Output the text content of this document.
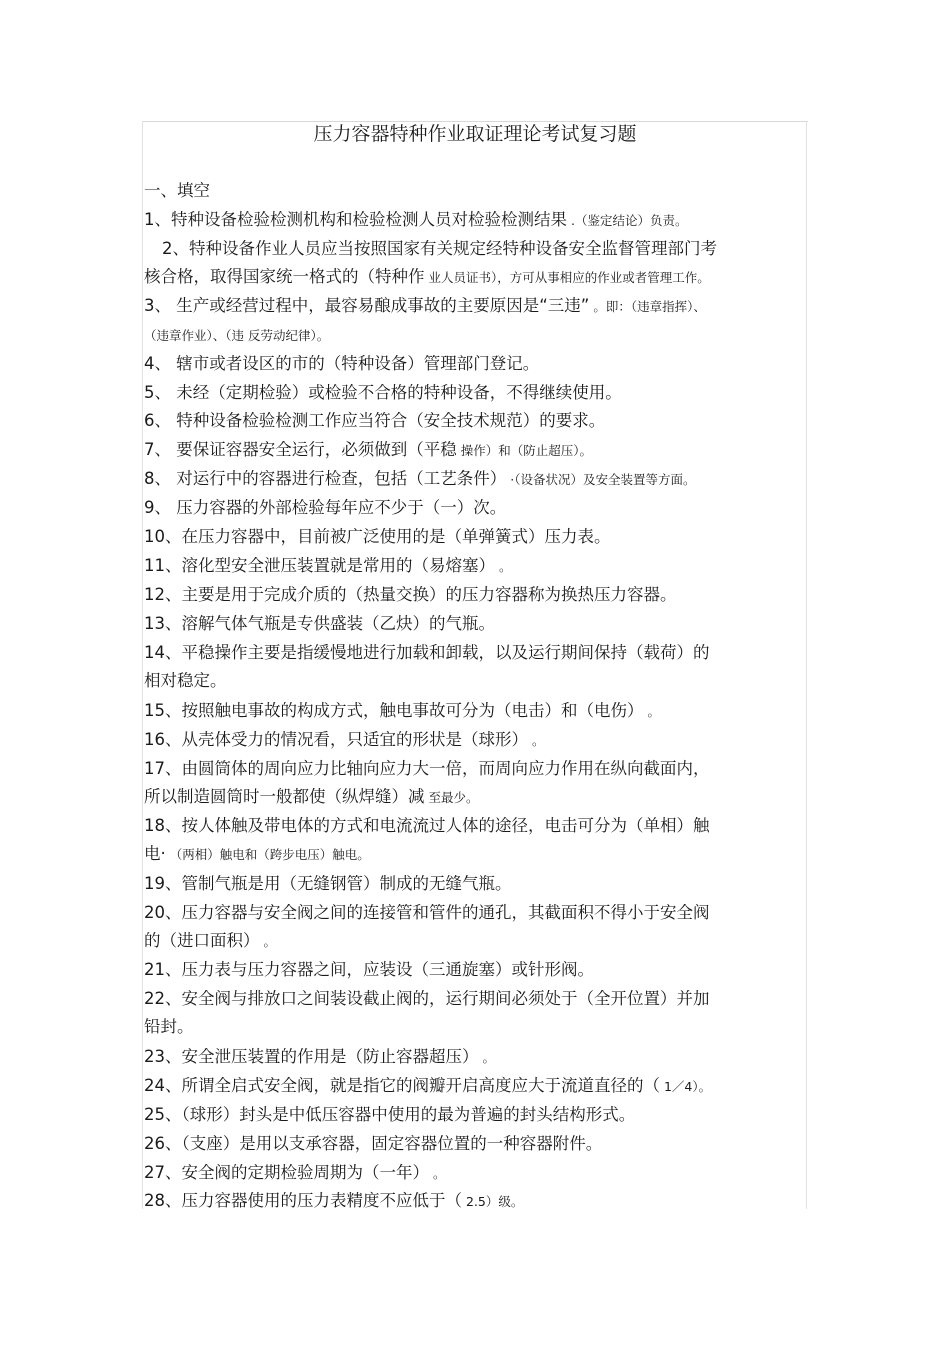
压力容器特种作业取证理论考试复习题
一、填空
1、特种设备检验检测机构和检验检测人员对检验检测结果 .（鉴定结论）负责。
2、特种设备作业人员应当按照国家有关规定经特种设备安全监督管理部门考
核合格，取得国家统一格式的（特种作 业人员证书），方可从事相应的作业或者管理工作。
3、 生产或经营过程中，最容易酿成事故的主要原因是“三违” 。即：（违章指挥）、
（违章作业）、（违 反劳动纪律）。
4、 辖市或者设区的市的（特种设备）管理部门登记。
5、 未经（定期检验）或检验不合格的特种设备，不得继续使用。
6、 特种设备检验检测工作应当符合（安全技术规范）的要求。
7、 要保证容器安全运行，必须做到（平稳 操作）和（防止超压）。
8、 对运行中的容器进行检查，包括（工艺条件） ·（设备状况）及安全装置等方面。
9、 压力容器的外部检验每年应不少于（一）次。
10、在压力容器中，目前被广泛使用的是（单弹簧式）压力表。
11、溶化型安全泄压装置就是常用的（易熔塞） 。
12、主要是用于完成介质的（热量交换）的压力容器称为换热压力容器。
13、溶解气体气瓶是专供盛装（乙炔）的气瓶。
14、平稳操作主要是指缓慢地进行加载和卸载，以及运行期间保持（载荷）的
相对稳定。
15、按照触电事故的构成方式，触电事故可分为（电击）和（电伤） 。
16、从壳体受力的情况看，只适宜的形状是（球形） 。
17、由圆筒体的周向应力比轴向应力大一倍，而周向应力作用在纵向截面内，
所以制造圆筒时一般都使（纵焊缝）减 至最少。
18、按人体触及带电体的方式和电流流过人体的途径，电击可分为（单相）触
电· （两相）触电和（跨步电压）触电。
19、管制气瓶是用（无缝钢管）制成的无缝气瓶。
20、压力容器与安全阀之间的连接管和管件的通孔，其截面积不得小于安全阀
的（进口面积） 。
21、压力表与压力容器之间，应装设（三通旋塞）或针形阀。
22、安全阀与排放口之间装设截止阀的，运行期间必须处于（全开位置）并加
铅封。
23、安全泄压装置的作用是（防止容器超压） 。
24、所谓全启式安全阀，就是指它的阀瓣开启高度应大于流道直径的（ 1／4）。
25、（球形）封头是中低压容器中使用的最为普遍的封头结构形式。
26、（支座）是用以支承容器，固定容器位置的一种容器附件。
27、安全阀的定期检验周期为（一年） 。
28、压力容器使用的压力表精度不应低于（ 2.5）级。
